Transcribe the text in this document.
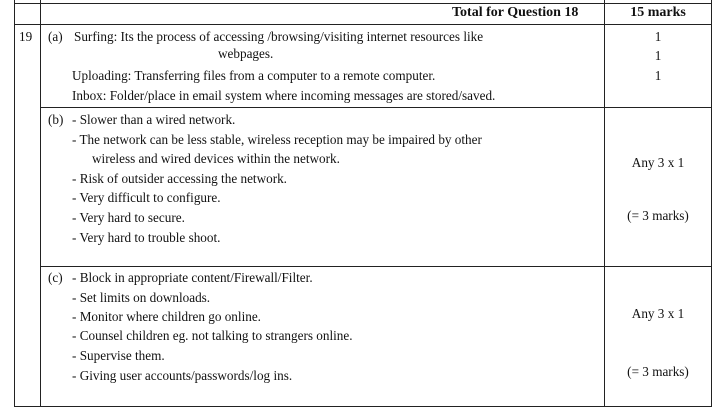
Total for Question 18	15 marks
19 (a) Surfing: Its the process of accessing /browsing/visiting internet resources like
webpages.
Uploading: Transferring files from a computer to a remote computer.
Inbox: Folder/place in email system where incoming messages are stored/saved.
1
1
1
(b) - Slower than a wired network.
- The network can be less stable, wireless reception may be impaired by other
wireless and wired devices within the network.
- Risk of outsider accessing the network.
- Very difficult to configure.
- Very hard to secure.
- Very hard to trouble shoot.
Any 3 x 1
(= 3 marks)
(c) - Block in appropriate content/Firewall/Filter.
- Set limits on downloads.
- Monitor where children go online.
- Counsel children eg. not talking to strangers online.
- Supervise them.
- Giving user accounts/passwords/log ins.
Any 3 x 1
(= 3 marks)
